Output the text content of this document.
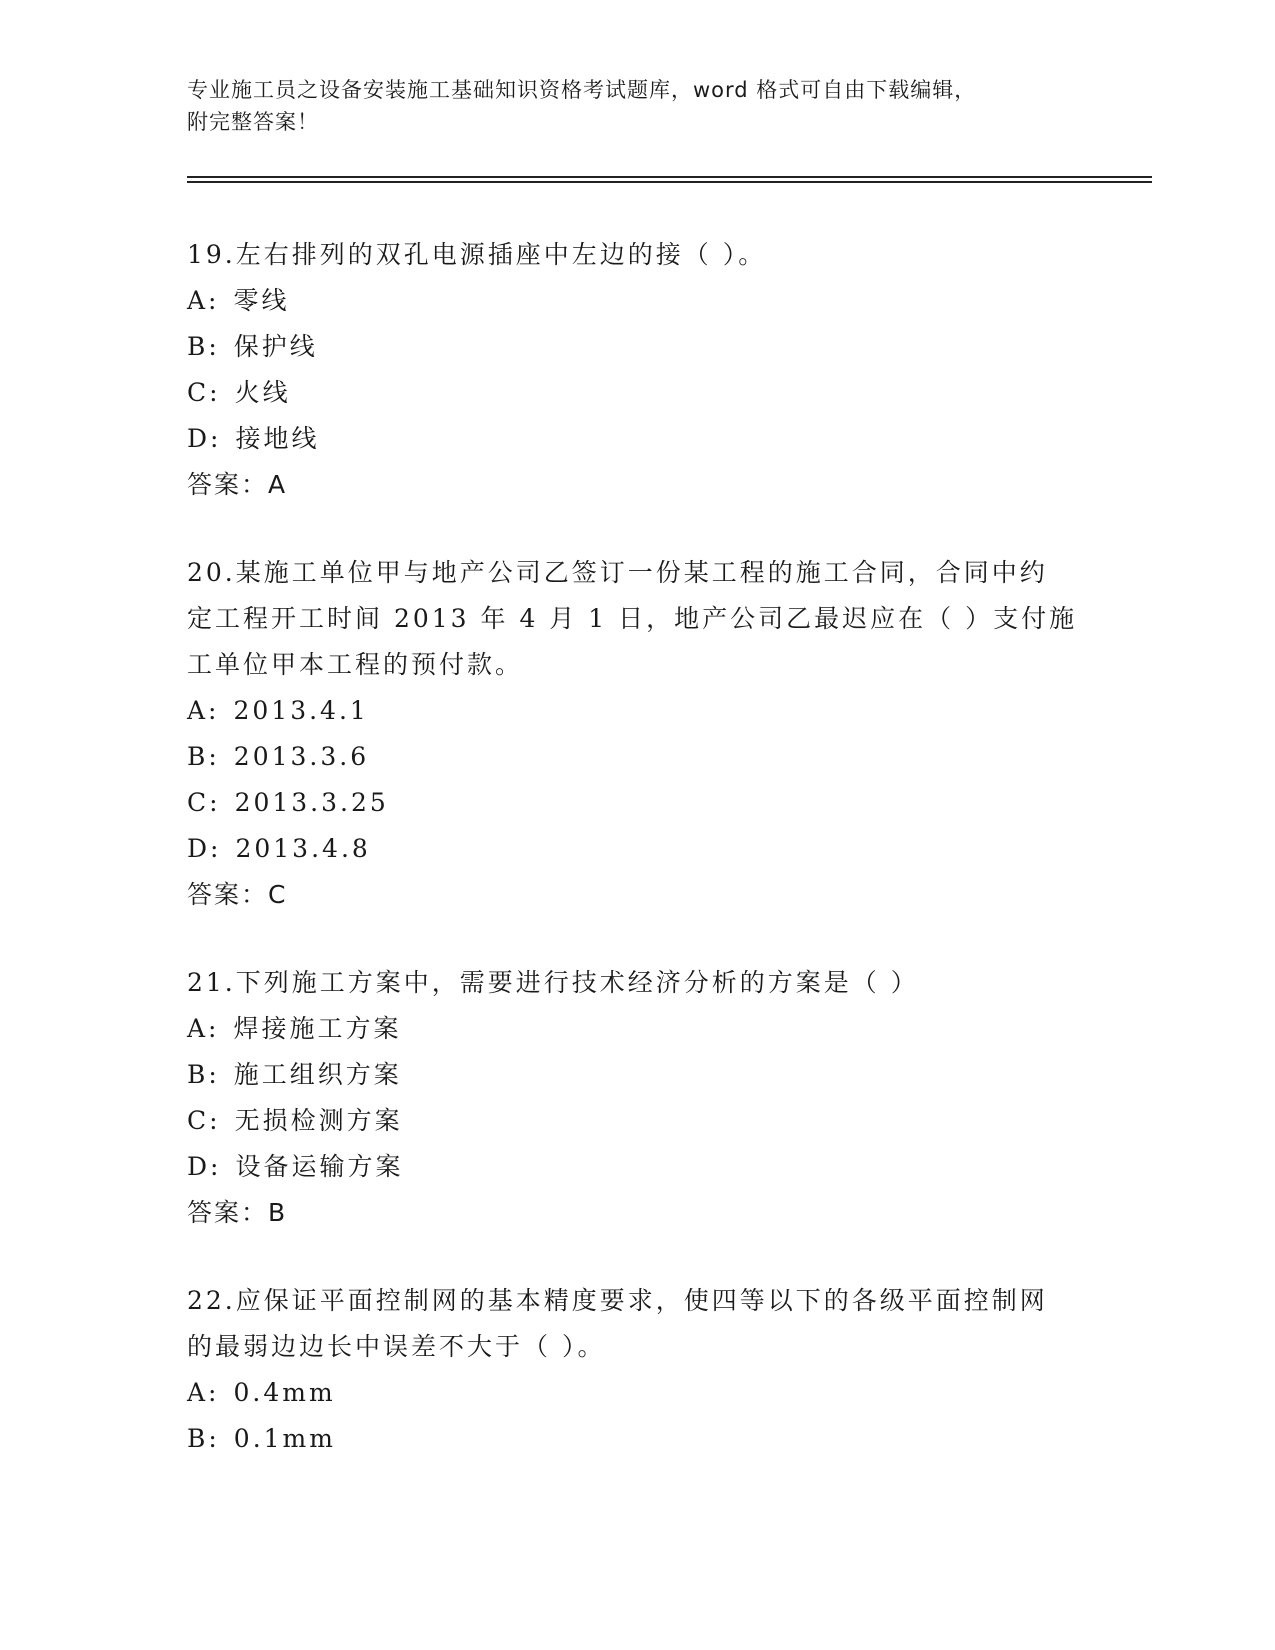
专业施工员之设备安装施工基础知识资格考试题库，word 格式可自由下载编辑，
附完整答案！

19.左右排列的双孔电源插座中左边的接（ ）。

A: 零线

B: 保护线

C: 火线

D: 接地线

答案：A

20.某施工单位甲与地产公司乙签订一份某工程的施工合同，合同中约

定工程开工时间 2013 年 4 月 1 日，地产公司乙最迟应在（ ）支付施

工单位甲本工程的预付款。

A: 2013.4.1

B: 2013.3.6

C: 2013.3.25

D: 2013.4.8

答案：C

21.下列施工方案中，需要进行技术经济分析的方案是（ ）

A: 焊接施工方案

B: 施工组织方案

C: 无损检测方案

D: 设备运输方案

答案：B

22.应保证平面控制网的基本精度要求，使四等以下的各级平面控制网

的最弱边边长中误差不大于（ ）。

A: 0.4mm

B: 0.1mm
